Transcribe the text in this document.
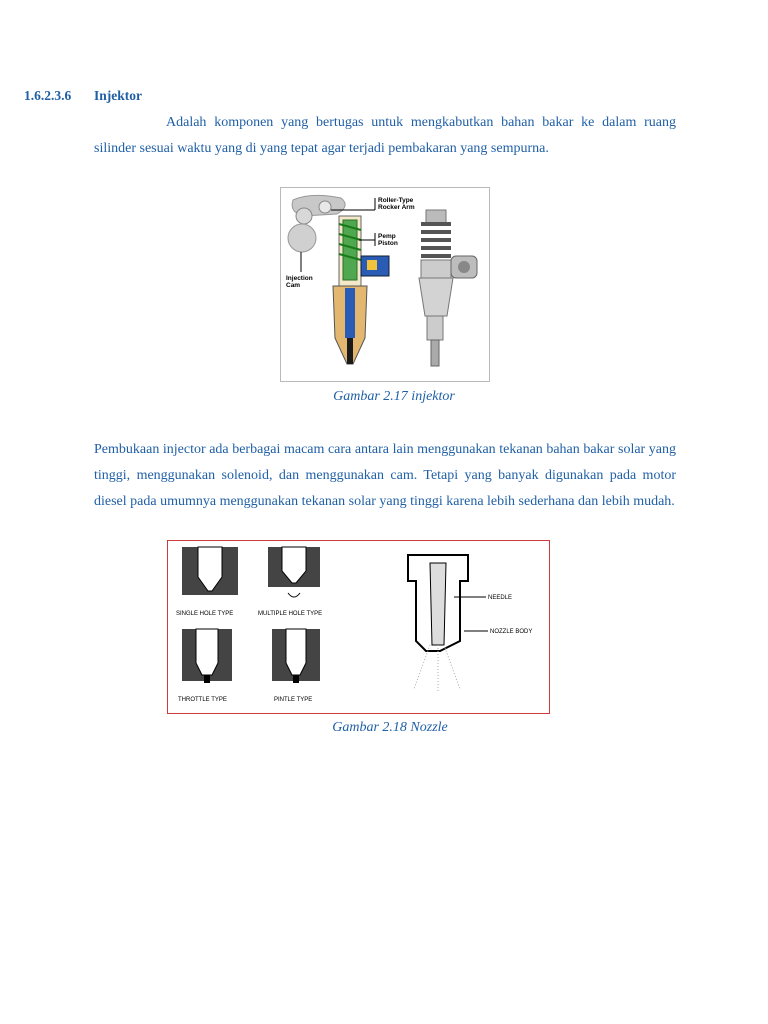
1.6.2.3.6 Injektor
Adalah komponen yang bertugas untuk mengkabutkan bahan bakar ke dalam ruang silinder sesuai waktu yang di yang tepat agar terjadi pembakaran yang sempurna.
Roller-Type
Rocker Arm
Pemp
Piston
Injection
Cam
Gambar 2.17 injektor
Pembukaan injector ada berbagai macam cara antara lain menggunakan tekanan bahan bakar solar yang tinggi, menggunakan solenoid, dan menggunakan cam. Tetapi yang banyak digunakan pada motor diesel pada umumnya menggunakan tekanan solar yang tinggi karena lebih sederhana dan lebih mudah.
SINGLE HOLE TYPE	MULTIPLE HOLE TYPE
THROTTLE TYPE	PINTLE TYPE
NEEDLE
NOZZLE BODY
Gambar 2.18 Nozzle
